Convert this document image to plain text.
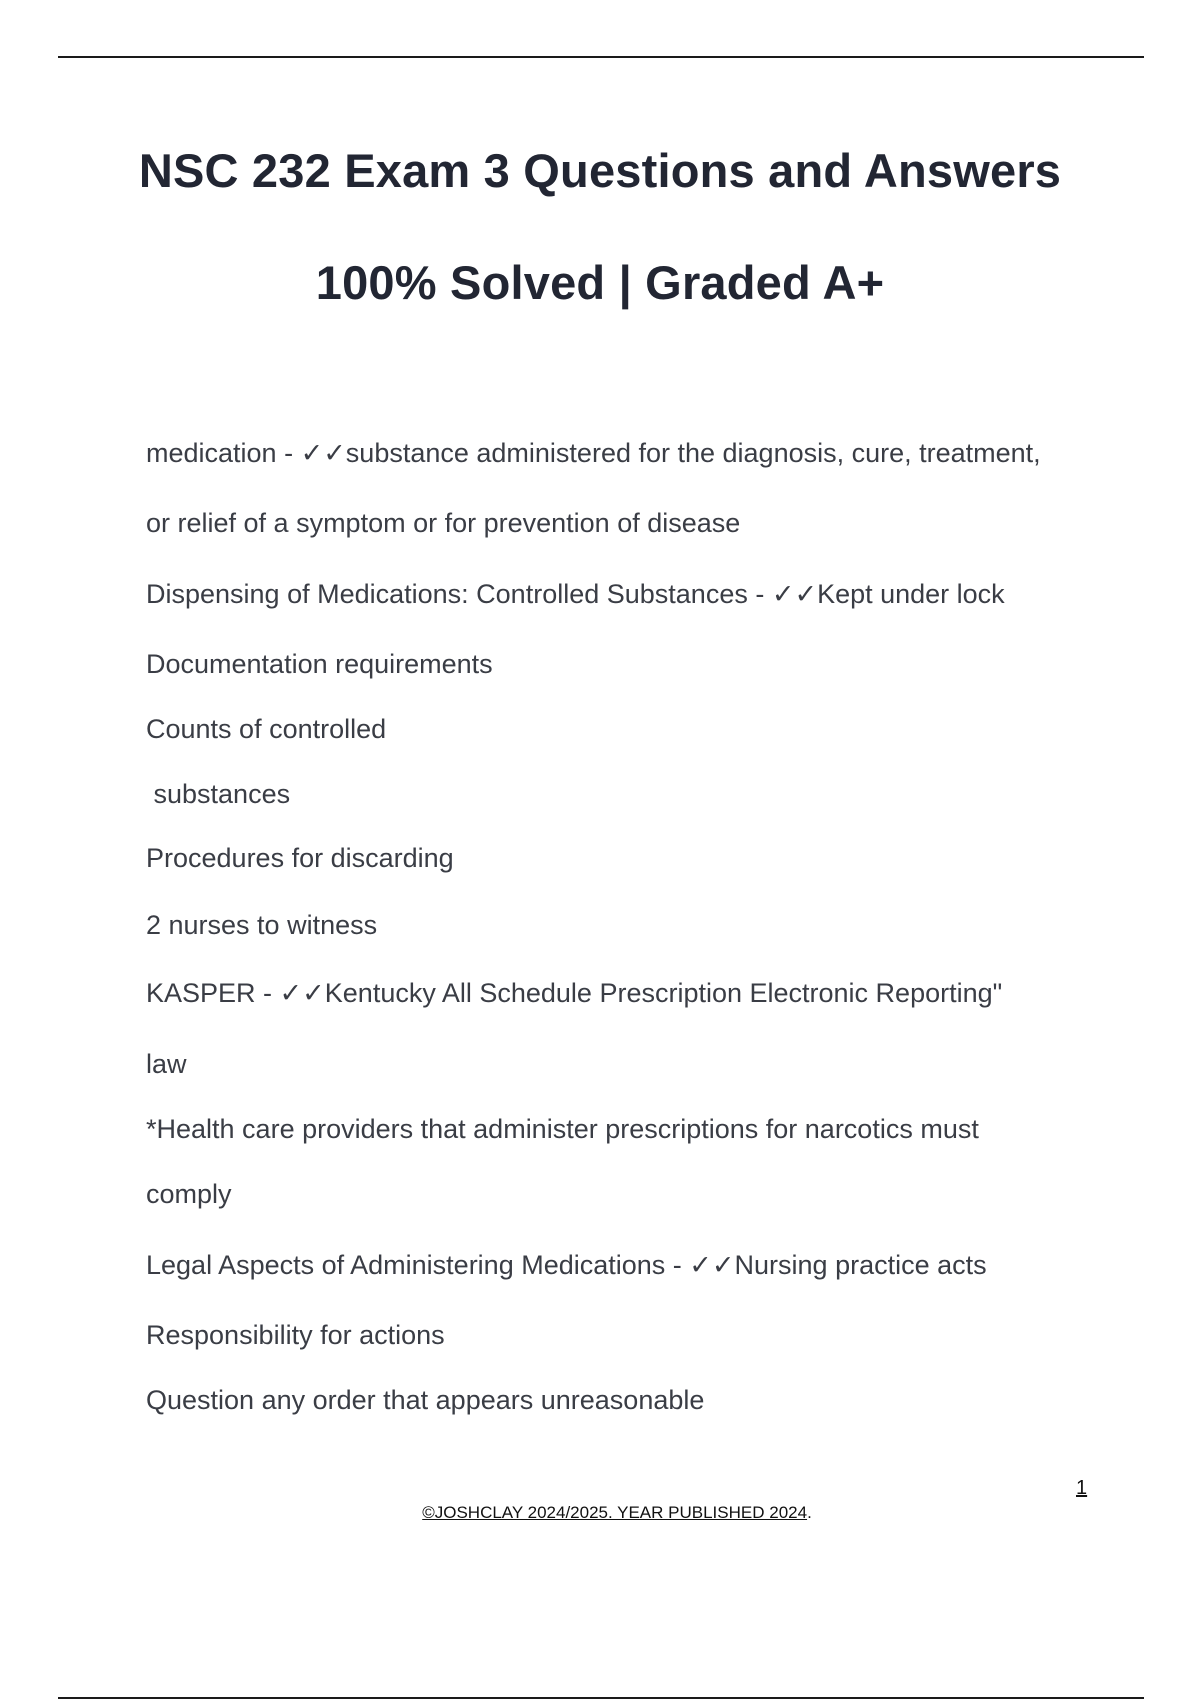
NSC 232 Exam 3 Questions and Answers
100% Solved | Graded A+
medication - ✓✓substance administered for the diagnosis, cure, treatment,
or relief of a symptom or for prevention of disease
Dispensing of Medications: Controlled Substances - ✓✓Kept under lock
Documentation requirements
Counts of controlled
substances
Procedures for discarding
2 nurses to witness
KASPER - ✓✓Kentucky All Schedule Prescription Electronic Reporting"
law
*Health care providers that administer prescriptions for narcotics must
comply
Legal Aspects of Administering Medications - ✓✓Nursing practice acts
Responsibility for actions
Question any order that appears unreasonable
1
©JOSHCLAY 2024/2025. YEAR PUBLISHED 2024.
